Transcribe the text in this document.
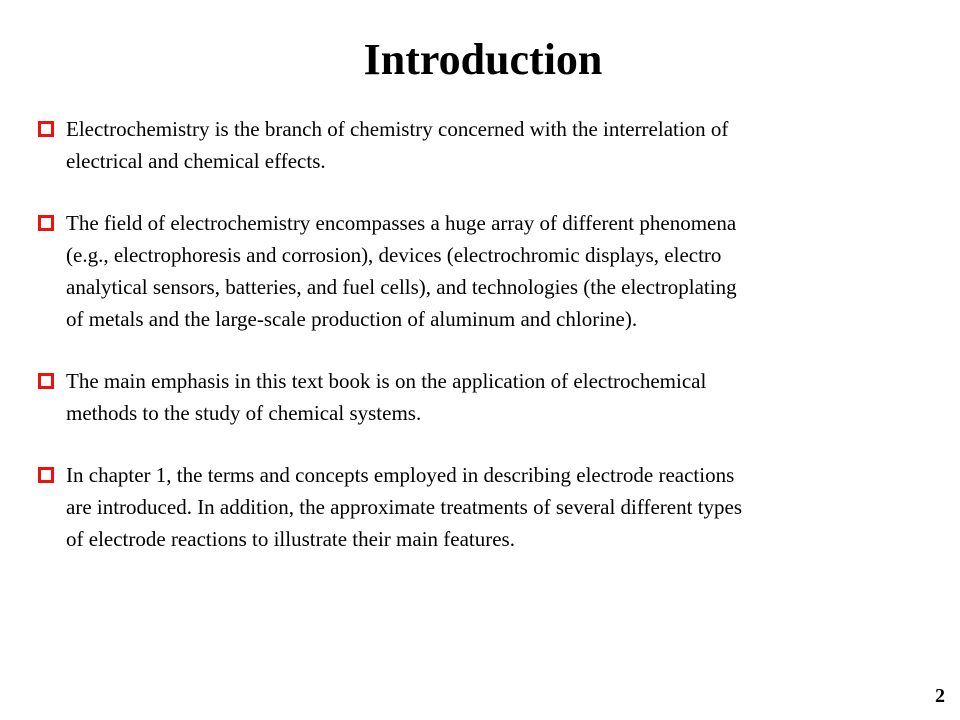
Introduction
Electrochemistry is the branch of chemistry concerned with the interrelation of
electrical and chemical effects.
The field of electrochemistry encompasses a huge array of different phenomena
(e.g., electrophoresis and corrosion), devices (electrochromic displays, electro
analytical sensors, batteries, and fuel cells), and technologies (the electroplating
of metals and the large-scale production of aluminum and chlorine).
The main emphasis in this text book is on the application of electrochemical
methods to the study of chemical systems.
In chapter 1, the terms and concepts employed in describing electrode reactions
are introduced. In addition, the approximate treatments of several different types
of electrode reactions to illustrate their main features.
2
